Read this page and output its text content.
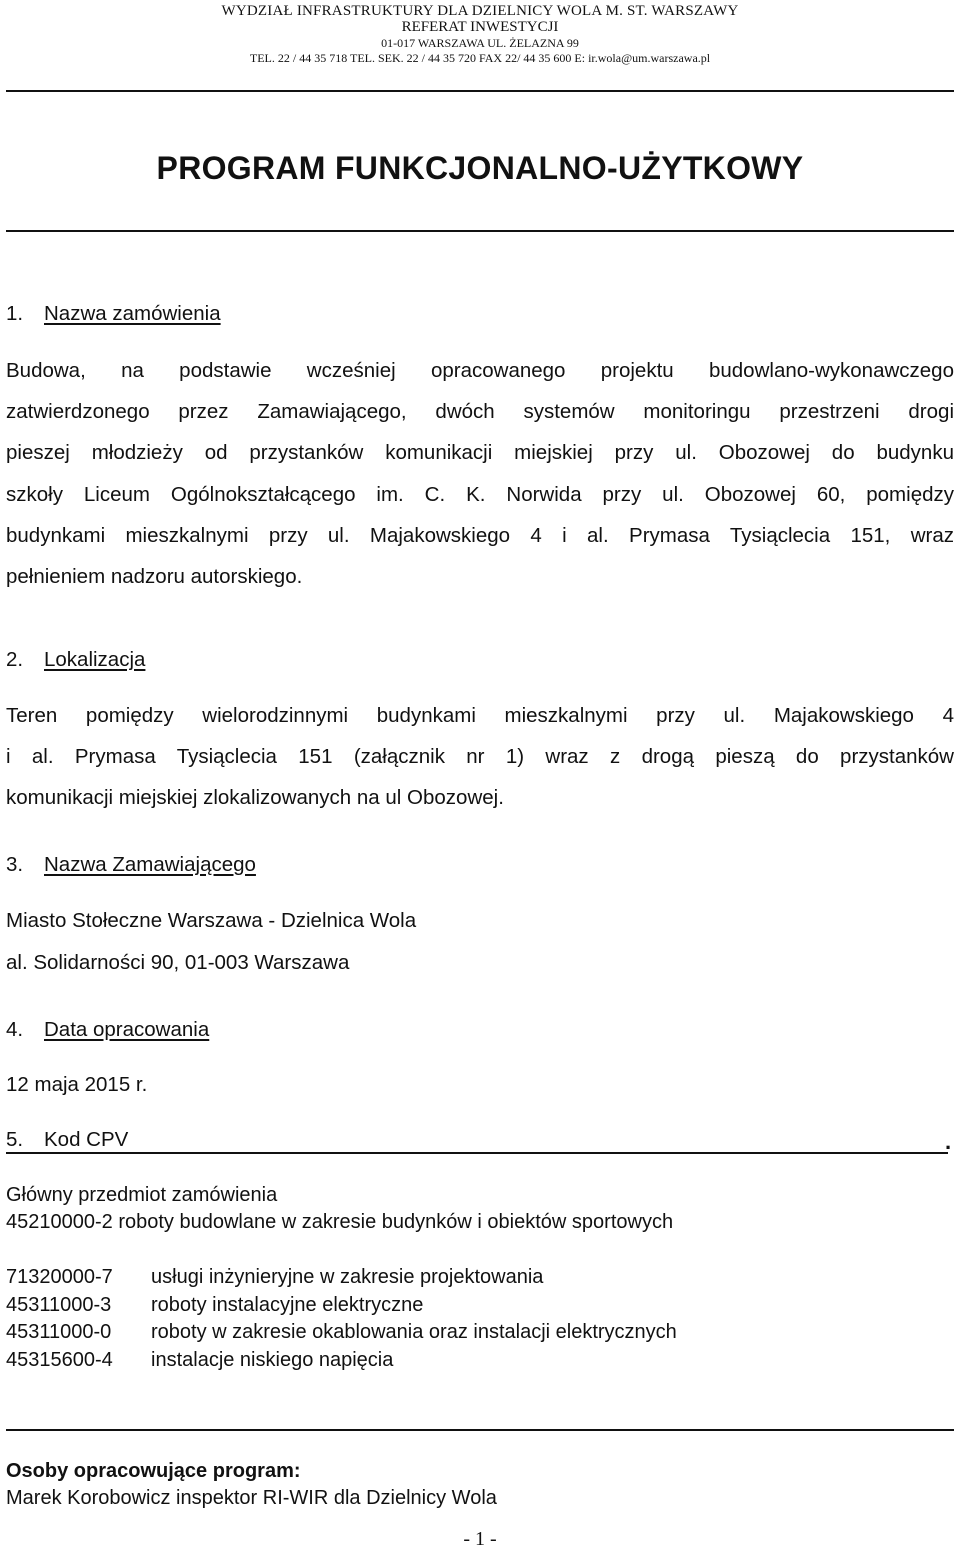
WYDZIAŁ INFRASTRUKTURY DLA DZIELNICY WOLA M. ST. WARSZAWY
REFERAT INWESTYCJI
01-017 WARSZAWA UL. ŻELAZNA 99
TEL. 22 / 44 35 718 TEL. SEK. 22 / 44 35 720 FAX 22/ 44 35 600 E: ir.wola@um.warszawa.pl
PROGRAM FUNKCJONALNO-UŻYTKOWY
1. Nazwa zamówienia
Budowa, na podstawie wcześniej opracowanego projektu budowlano-wykonawczego
zatwierdzonego przez Zamawiającego, dwóch systemów monitoringu przestrzeni drogi
pieszej młodzieży od przystanków komunikacji miejskiej przy ul. Obozowej do budynku
szkoły Liceum Ogólnokształcącego im. C. K. Norwida przy ul. Obozowej 60, pomiędzy
budynkami mieszkalnymi przy ul. Majakowskiego 4 i al. Prymasa Tysiąclecia 151, wraz
pełnieniem nadzoru autorskiego.
2. Lokalizacja
Teren pomiędzy wielorodzinnymi budynkami mieszkalnymi przy ul. Majakowskiego 4
i al. Prymasa Tysiąclecia 151 (załącznik nr 1) wraz z drogą pieszą do przystanków
komunikacji miejskiej zlokalizowanych na ul Obozowej.
3. Nazwa Zamawiającego
Miasto Stołeczne Warszawa - Dzielnica Wola
al. Solidarności 90, 01-003 Warszawa
4. Data opracowania
12 maja 2015 r.
5. Kod CPV	.
Główny przedmiot zamówienia
45210000-2 roboty budowlane w zakresie budynków i obiektów sportowych
71320000-7 usługi inżynieryjne w zakresie projektowania
45311000-3 roboty instalacyjne elektryczne
45311000-0 roboty w zakresie okablowania oraz instalacji elektrycznych
45315600-4 instalacje niskiego napięcia
Osoby opracowujące program:
Marek Korobowicz inspektor RI-WIR dla Dzielnicy Wola
- 1 -
